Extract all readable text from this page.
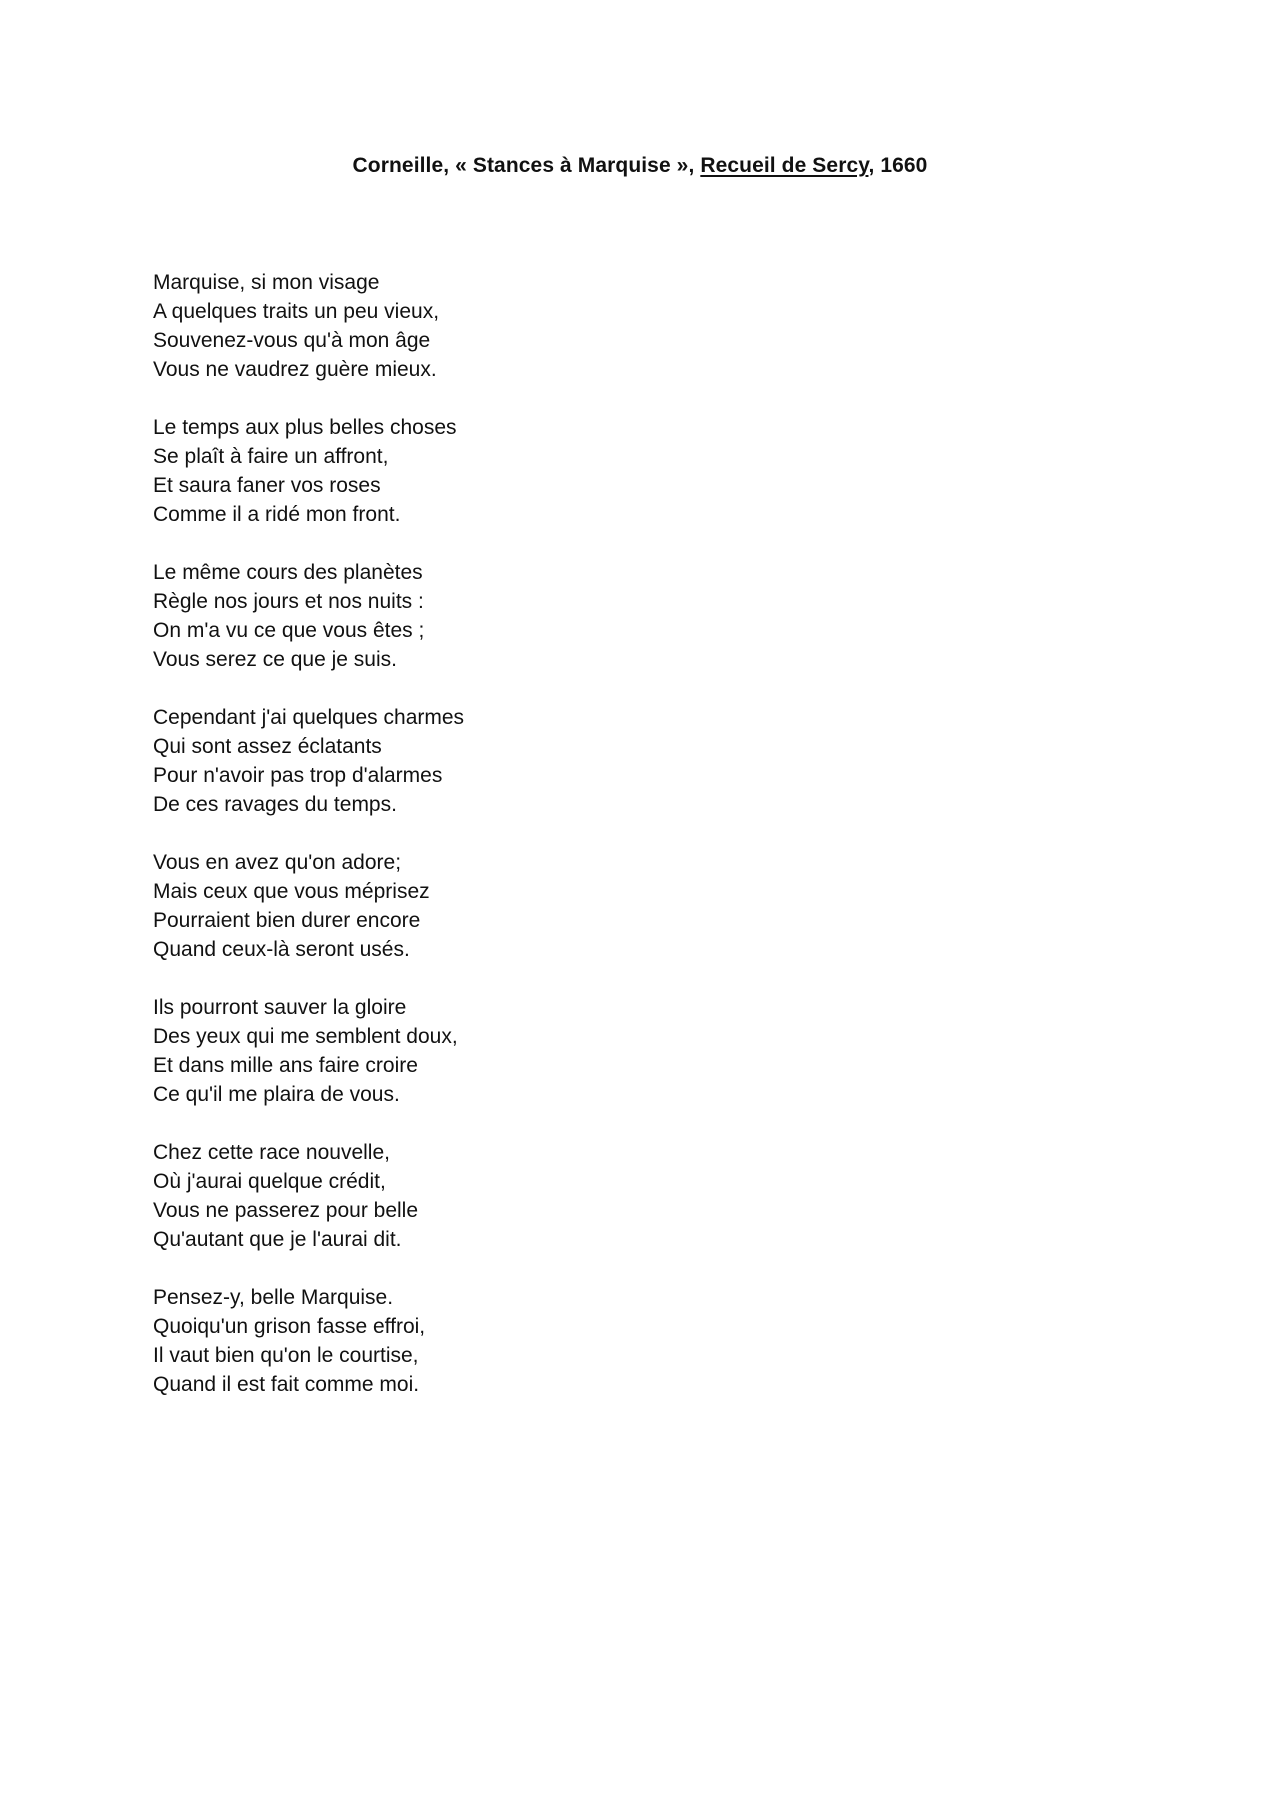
Corneille, « Stances à Marquise », Recueil de Sercy, 1660
Marquise, si mon visage
A quelques traits un peu vieux,
Souvenez-vous qu'à mon âge
Vous ne vaudrez guère mieux.
Le temps aux plus belles choses
Se plaît à faire un affront,
Et saura faner vos roses
Comme il a ridé mon front.
Le même cours des planètes
Règle nos jours et nos nuits :
On m'a vu ce que vous êtes ;
Vous serez ce que je suis.
Cependant j'ai quelques charmes
Qui sont assez éclatants
Pour n'avoir pas trop d'alarmes
De ces ravages du temps.
Vous en avez qu'on adore;
Mais ceux que vous méprisez
Pourraient bien durer encore
Quand ceux-là seront usés.
Ils pourront sauver la gloire
Des yeux qui me semblent doux,
Et dans mille ans faire croire
Ce qu'il me plaira de vous.
Chez cette race nouvelle,
Où j'aurai quelque crédit,
Vous ne passerez pour belle
Qu'autant que je l'aurai dit.
Pensez-y, belle Marquise.
Quoiqu'un grison fasse effroi,
Il vaut bien qu'on le courtise,
Quand il est fait comme moi.
